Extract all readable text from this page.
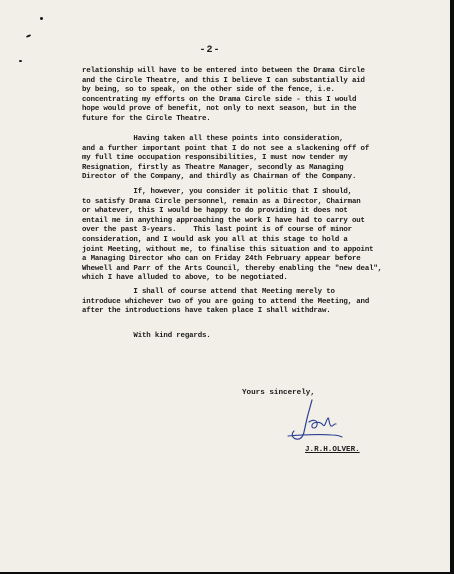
-2-

relationship will have to be entered into between the Drama Circle
and the Circle Theatre, and this I believe I can substantially aid
by being, so to speak, on the other side of the fence, i.e.
concentrating my efforts on the Drama Circle side - this I would
hope would prove of benefit, not only to next season, but in the
future for the Circle Theatre.

Having taken all these points into consideration,
and a further important point that I do not see a slackening off of
my full time occupation responsibilities, I must now tender my
Resignation, firstly as Theatre Manager, secondly as Managing
Director of the Company, and thirdly as Chairman of the Company.

If, however, you consider it politic that I should,
to satisfy Drama Circle personnel, remain as a Director, Chairman
or whatever, this I would be happy to do providing it does not
entail me in anything approaching the work I have had to carry out
over the past 3-years.    This last point is of course of minor
consideration, and I would ask you all at this stage to hold a
joint Meeting, without me, to finalise this situation and to appoint
a Managing Director who can on Friday 24th February appear before
Whewell and Parr of the Arts Council, thereby enabling the "new deal",
which I have alluded to above, to be negotiated.

I shall of course attend that Meeting merely to
introduce whichever two of you are going to attend the Meeting, and
after the introductions have taken place I shall withdraw.

With kind regards.

Yours sincerely,
J.R.H.OLVER.
